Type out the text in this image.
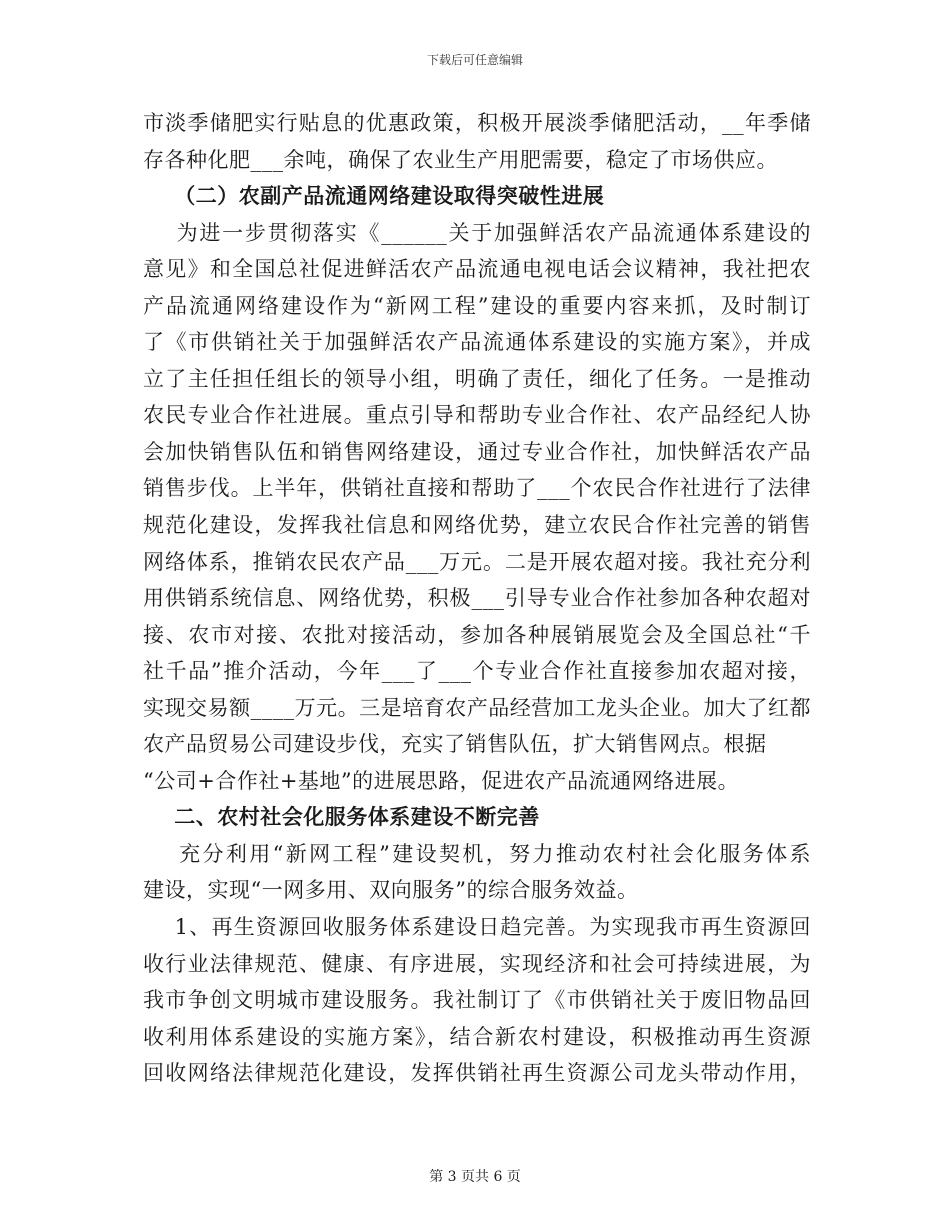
下载后可任意编辑
市淡季储肥实行贴息的优惠政策，积极开展淡季储肥活动，__年季储
存各种化肥___余吨，确保了农业生产用肥需要，稳定了市场供应。
（二）农副产品流通网络建设取得突破性进展
为进一步贯彻落实《______关于加强鲜活农产品流通体系建设的
意见》和全国总社促进鲜活农产品流通电视电话会议精神，我社把农
产品流通网络建设作为“新网工程”建设的重要内容来抓，及时制订
了《市供销社关于加强鲜活农产品流通体系建设的实施方案》，并成
立了主任担任组长的领导小组，明确了责任，细化了任务。一是推动
农民专业合作社进展。重点引导和帮助专业合作社、农产品经纪人协
会加快销售队伍和销售网络建设，通过专业合作社，加快鲜活农产品
销售步伐。上半年，供销社直接和帮助了___个农民合作社进行了法律
规范化建设，发挥我社信息和网络优势，建立农民合作社完善的销售
网络体系，推销农民农产品___万元。二是开展农超对接。我社充分利
用供销系统信息、网络优势，积极___引导专业合作社参加各种农超对
接、农市对接、农批对接活动，参加各种展销展览会及全国总社“千
社千品”推介活动，今年___了___个专业合作社直接参加农超对接，
实现交易额____万元。三是培育农产品经营加工龙头企业。加大了红都
农产品贸易公司建设步伐，充实了销售队伍，扩大销售网点。根据
“公司+合作社+基地”的进展思路，促进农产品流通网络进展。
二、农村社会化服务体系建设不断完善
充分利用“新网工程”建设契机，努力推动农村社会化服务体系
建设，实现“一网多用、双向服务”的综合服务效益。
1、再生资源回收服务体系建设日趋完善。为实现我市再生资源回
收行业法律规范、健康、有序进展，实现经济和社会可持续进展，为
我市争创文明城市建设服务。我社制订了《市供销社关于废旧物品回
收利用体系建设的实施方案》，结合新农村建设，积极推动再生资源
回收网络法律规范化建设，发挥供销社再生资源公司龙头带动作用，
第 3 页共 6 页
